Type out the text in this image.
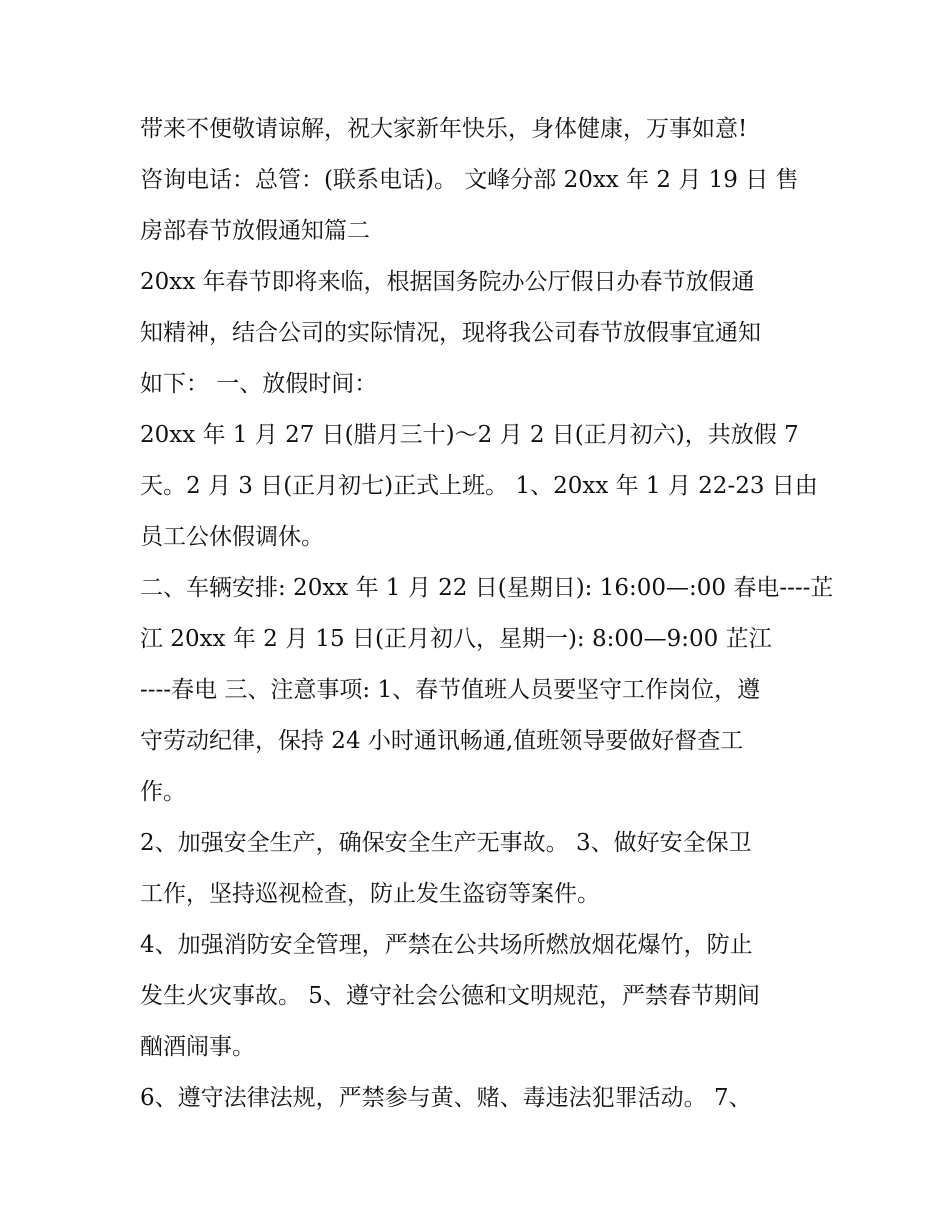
带来不便敬请谅解，祝大家新年快乐，身体健康，万事如意!
咨询电话：总管：(联系电话)。 文峰分部 20xx 年 2 月 19 日 售
房部春节放假通知篇二
20xx 年春节即将来临，根据国务院办公厅假日办春节放假通
知精神，结合公司的实际情况，现将我公司春节放假事宜通知
如下： 一、放假时间：
20xx 年 1 月 27 日(腊月三十)～2 月 2 日(正月初六)，共放假 7
天。2 月 3 日(正月初七)正式上班。 1、20xx 年 1 月 22-23 日由
员工公休假调休。
二、车辆安排: 20xx 年 1 月 22 日(星期日): 16:00—:00 春电----芷
江 20xx 年 2 月 15 日(正月初八，星期一): 8:00—9:00 芷江
----春电 三、注意事项: 1、春节值班人员要坚守工作岗位，遵
守劳动纪律，保持 24 小时通讯畅通,值班领导要做好督查工
作。
2、加强安全生产，确保安全生产无事故。 3、做好安全保卫
工作，坚持巡视检查，防止发生盗窃等案件。
4、加强消防安全管理，严禁在公共场所燃放烟花爆竹，防止
发生火灾事故。 5、遵守社会公德和文明规范，严禁春节期间
酗酒闹事。
6、遵守法律法规，严禁参与黄、赌、毒违法犯罪活动。 7、
